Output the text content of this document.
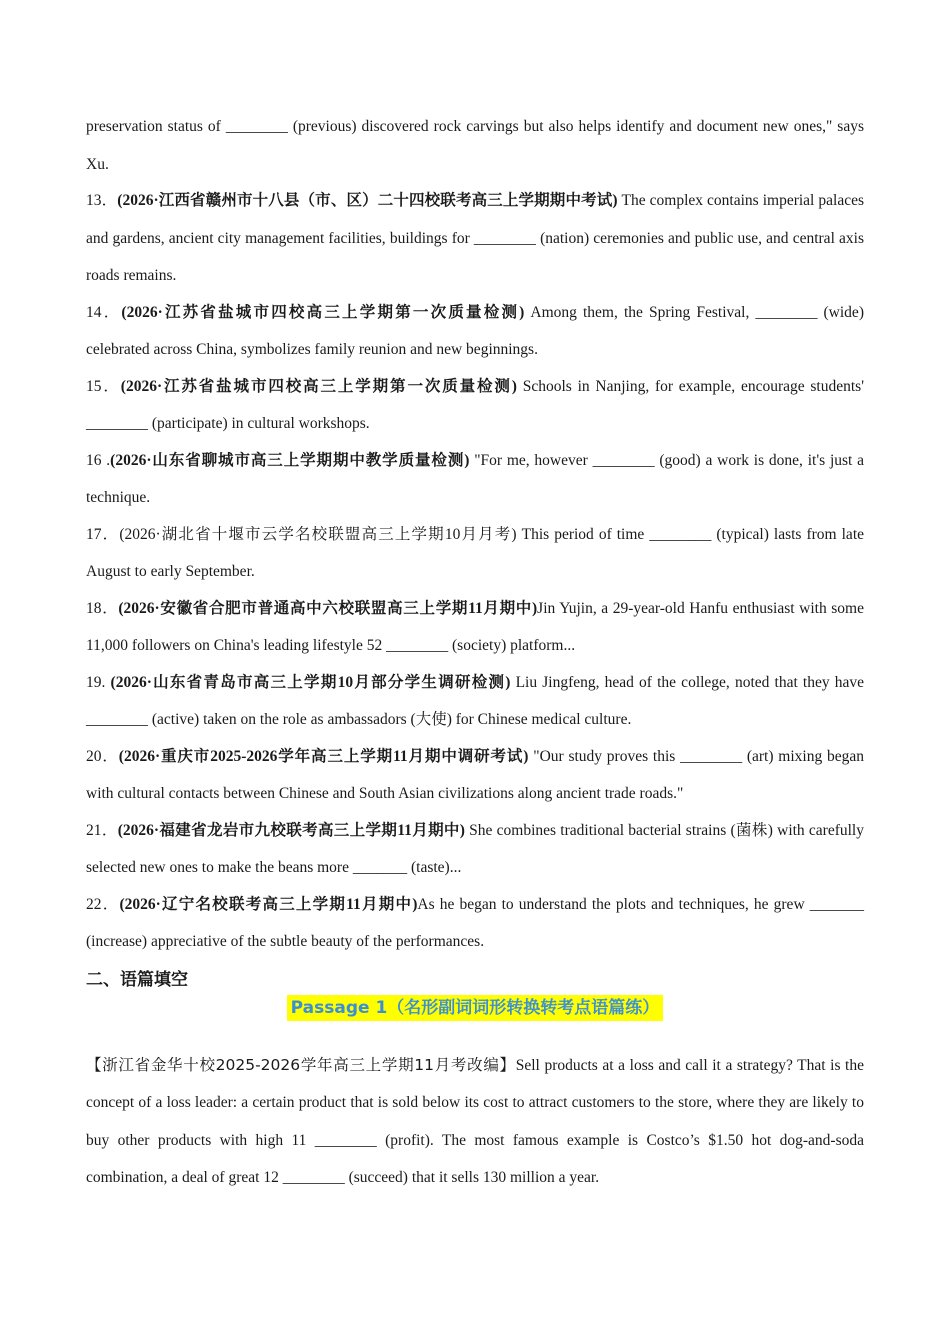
preservation status of ________ (previous) discovered rock carvings but also helps identify and document new ones," says Xu.

13．(2026·江西省赣州市十八县（市、区）二十四校联考高三上学期期中考试) The complex contains imperial palaces and gardens, ancient city management facilities, buildings for ________ (nation) ceremonies and public use, and central axis roads remains.

14．(2026·江苏省盐城市四校高三上学期第一次质量检测) Among them, the Spring Festival, ________ (wide) celebrated across China, symbolizes family reunion and new beginnings.

15．(2026·江苏省盐城市四校高三上学期第一次质量检测) Schools in Nanjing, for example, encourage students' ________ (participate) in cultural workshops.

16 .(2026·山东省聊城市高三上学期期中教学质量检测) "For me, however ________ (good) a work is done, it's just a technique.

17．(2026·湖北省十堰市云学名校联盟高三上学期10月月考) This period of time ________ (typical) lasts from late August to early September.

18．(2026·安徽省合肥市普通高中六校联盟高三上学期11月期中)Jin Yujin, a 29-year-old Hanfu enthusiast with some 11,000 followers on China's leading lifestyle 52 ________ (society) platform...

19. (2026·山东省青岛市高三上学期10月部分学生调研检测) Liu Jingfeng, head of the college, noted that they have ________ (active) taken on the role as ambassadors (大使) for Chinese medical culture.

20．(2026·重庆市2025-2026学年高三上学期11月期中调研考试) "Our study proves this ________ (art) mixing began with cultural contacts between Chinese and South Asian civilizations along ancient trade roads."

21．(2026·福建省龙岩市九校联考高三上学期11月期中) She combines traditional bacterial strains (菌株) with carefully selected new ones to make the beans more _______ (taste)...

22．(2026·辽宁名校联考高三上学期11月期中)As he began to understand the plots and techniques, he grew _______ (increase) appreciative of the subtle beauty of the performances.

二、语篇填空
Passage 1（名形副词词形转换转考点语篇练）

【浙江省金华十校2025-2026学年高三上学期11月考改编】Sell products at a loss and call it a strategy? That is the concept of a loss leader: a certain product that is sold below its cost to attract customers to the store, where they are likely to buy other products with high 11 ________ (profit). The most famous example is Costco’s $1.50 hot dog-and-soda combination, a deal of great 12 ________ (succeed) that it sells 130 million a year.
